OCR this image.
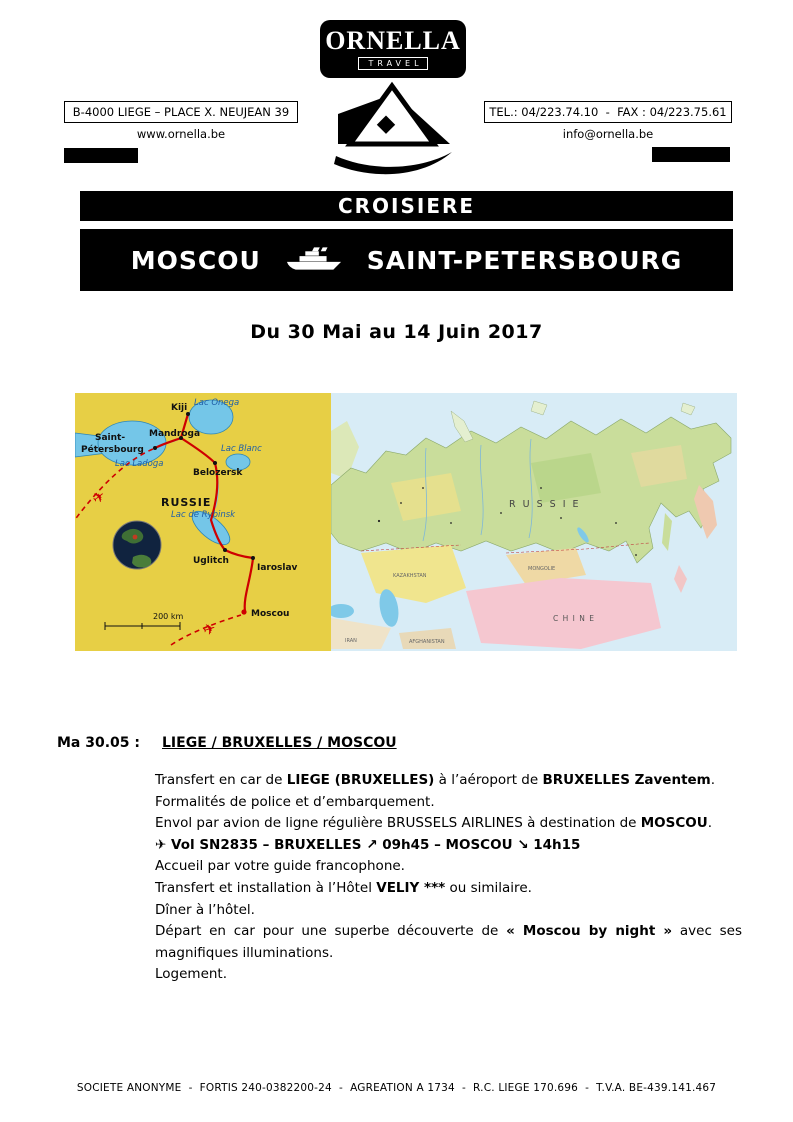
ORNELLA
TRAVEL
B-4000 LIEGE – PLACE X. NEUJEAN 39
www.ornella.be
TEL.: 04/223.74.10  -  FAX : 04/223.75.61
info@ornella.be
CROISIERE
MOSCOU	SAINT-PETERSBOURG
Du 30 Mai au 14 Juin 2017
✈
✈
Kiji Lac Onega
Saint-
Pétersbourg
Lac Ladoga
Mandroga
Lac Blanc
Belozersk
RUSSIE
Lac de Rybinsk
Uglitch
Iaroslav
Moscou
200 km
R U S S I E
KAZAKHSTAN
MONGOLIE
C H I N E
IRAN	AFGHANISTAN
Ma 30.05 : LIEGE / BRUXELLES / MOSCOU
Transfert en car de LIEGE (BRUXELLES) à l’aéroport de BRUXELLES Zaventem.
Formalités de police et d’embarquement.
Envol par avion de ligne régulière BRUSSELS AIRLINES à destination de MOSCOU.
✈ Vol SN2835 – BRUXELLES ↗ 09h45 – MOSCOU ↘ 14h15
Accueil par votre guide francophone.
Transfert et installation à l’Hôtel VELIY *** ou similaire.
Dîner à l’hôtel.
Départ en car pour une superbe découverte de « Moscou by night » avec ses magnifiques illuminations.
Logement.
SOCIETE ANONYME  -  FORTIS 240-0382200-24  -  AGREATION A 1734  -  R.C. LIEGE 170.696  -  T.V.A. BE-439.141.467
